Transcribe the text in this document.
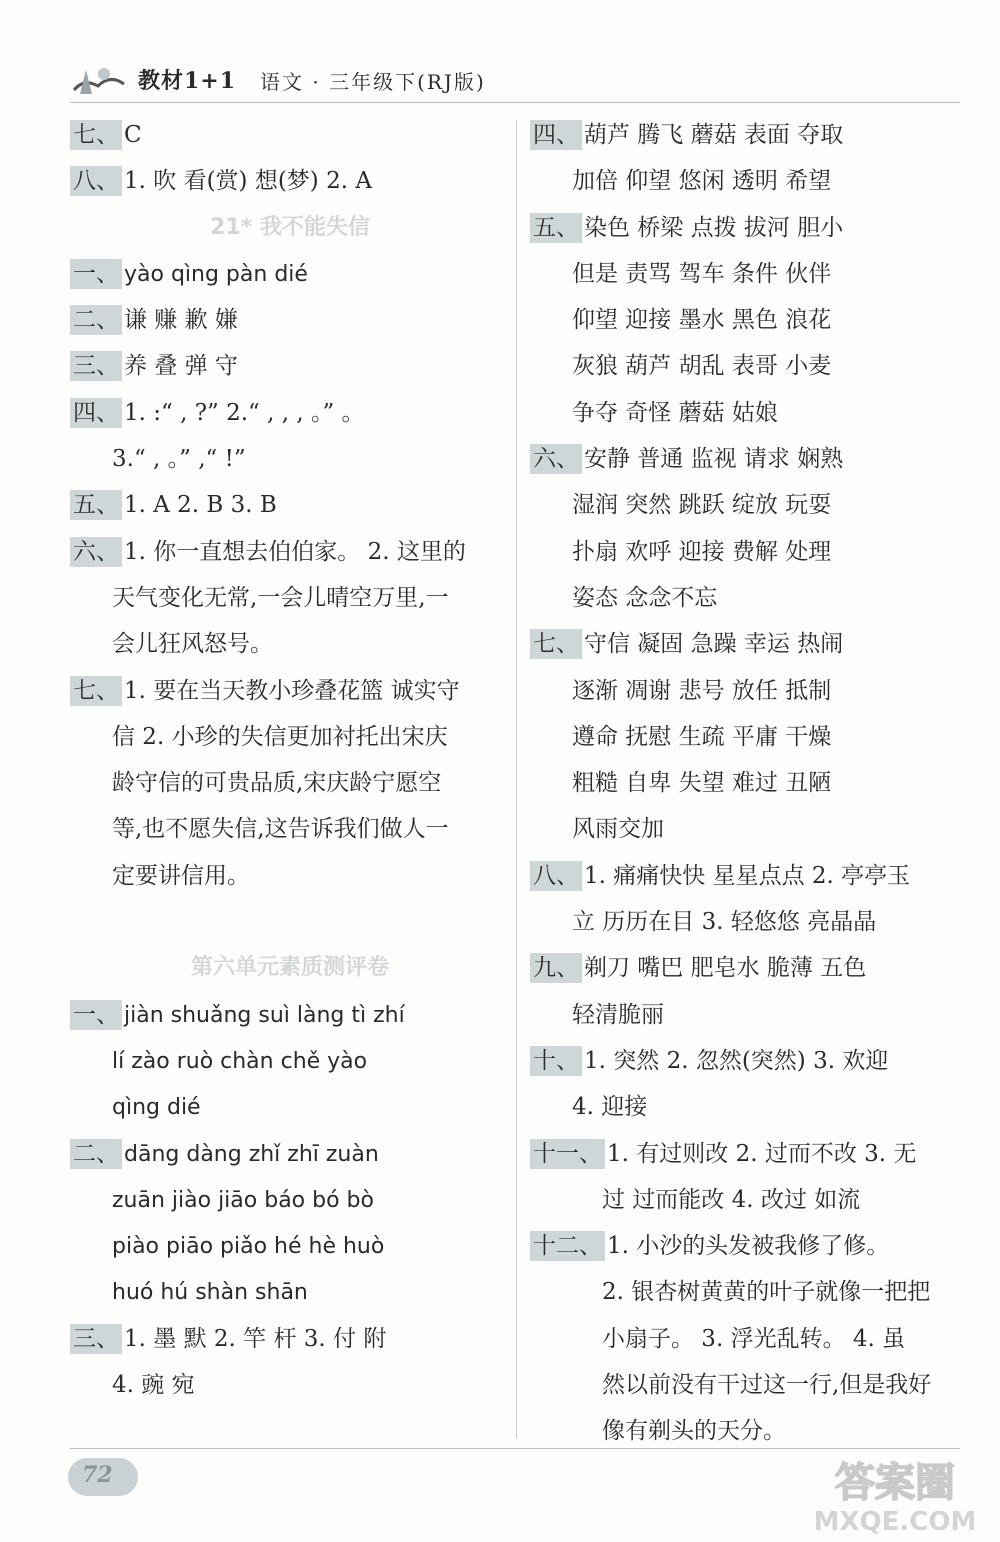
教材1+1 语文 · 三年级下(RJ版)
七、 C
八、 1. 吹 看(赏) 想(梦) 2. A
21* 我不能失信
一、 yào qìng pàn dié
二、 谦 赚 歉 嫌
三、 养 叠 弹 守
四、 1. :“ , ?” 2.“ , , , 。” 。
3.“ , 。” ,“ !”
五、 1. A 2. B 3. B
六、 1. 你一直想去伯伯家。 2. 这里的
天气变化无常,一会儿晴空万里,一
会儿狂风怒号。
七、 1. 要在当天教小珍叠花篮 诚实守
信 2. 小珍的失信更加衬托出宋庆
龄守信的可贵品质,宋庆龄宁愿空
等,也不愿失信,这告诉我们做人一
定要讲信用。
第六单元素质测评卷
一、 jiàn shuǎng suì làng tì zhí
lí zào ruò chàn chě yào
qìng dié
二、 dāng dàng zhǐ zhī zuàn
zuān jiào jiāo báo bó bò
piào piāo piǎo hé hè huò
huó hú shàn shān
三、 1. 墨 默 2. 竿 杆 3. 付 附
4. 豌 宛
四、 葫芦 腾飞 蘑菇 表面 夺取
加倍 仰望 悠闲 透明 希望
五、 染色 桥梁 点拨 拔河 胆小
但是 责骂 驾车 条件 伙伴
仰望 迎接 墨水 黑色 浪花
灰狼 葫芦 胡乱 表哥 小麦
争夺 奇怪 蘑菇 姑娘
六、 安静 普通 监视 请求 娴熟
湿润 突然 跳跃 绽放 玩耍
扑扇 欢呼 迎接 费解 处理
姿态 念念不忘
七、 守信 凝固 急躁 幸运 热闹
逐渐 凋谢 悲号 放任 抵制
遵命 抚慰 生疏 平庸 干燥
粗糙 自卑 失望 难过 丑陋
风雨交加
八、 1. 痛痛快快 星星点点 2. 亭亭玉
立 历历在目 3. 轻悠悠 亮晶晶
九、 剃刀 嘴巴 肥皂水 脆薄 五色
轻清脆丽
十、 1. 突然 2. 忽然(突然) 3. 欢迎
4. 迎接
十一、 1. 有过则改 2. 过而不改 3. 无
过 过而能改 4. 改过 如流
十二、 1. 小沙的头发被我修了修。
2. 银杏树黄黄的叶子就像一把把
小扇子。 3. 浮光乱转。 4. 虽
然以前没有干过这一行,但是我好
像有剃头的天分。
72	答案圈
MXQE.COM
